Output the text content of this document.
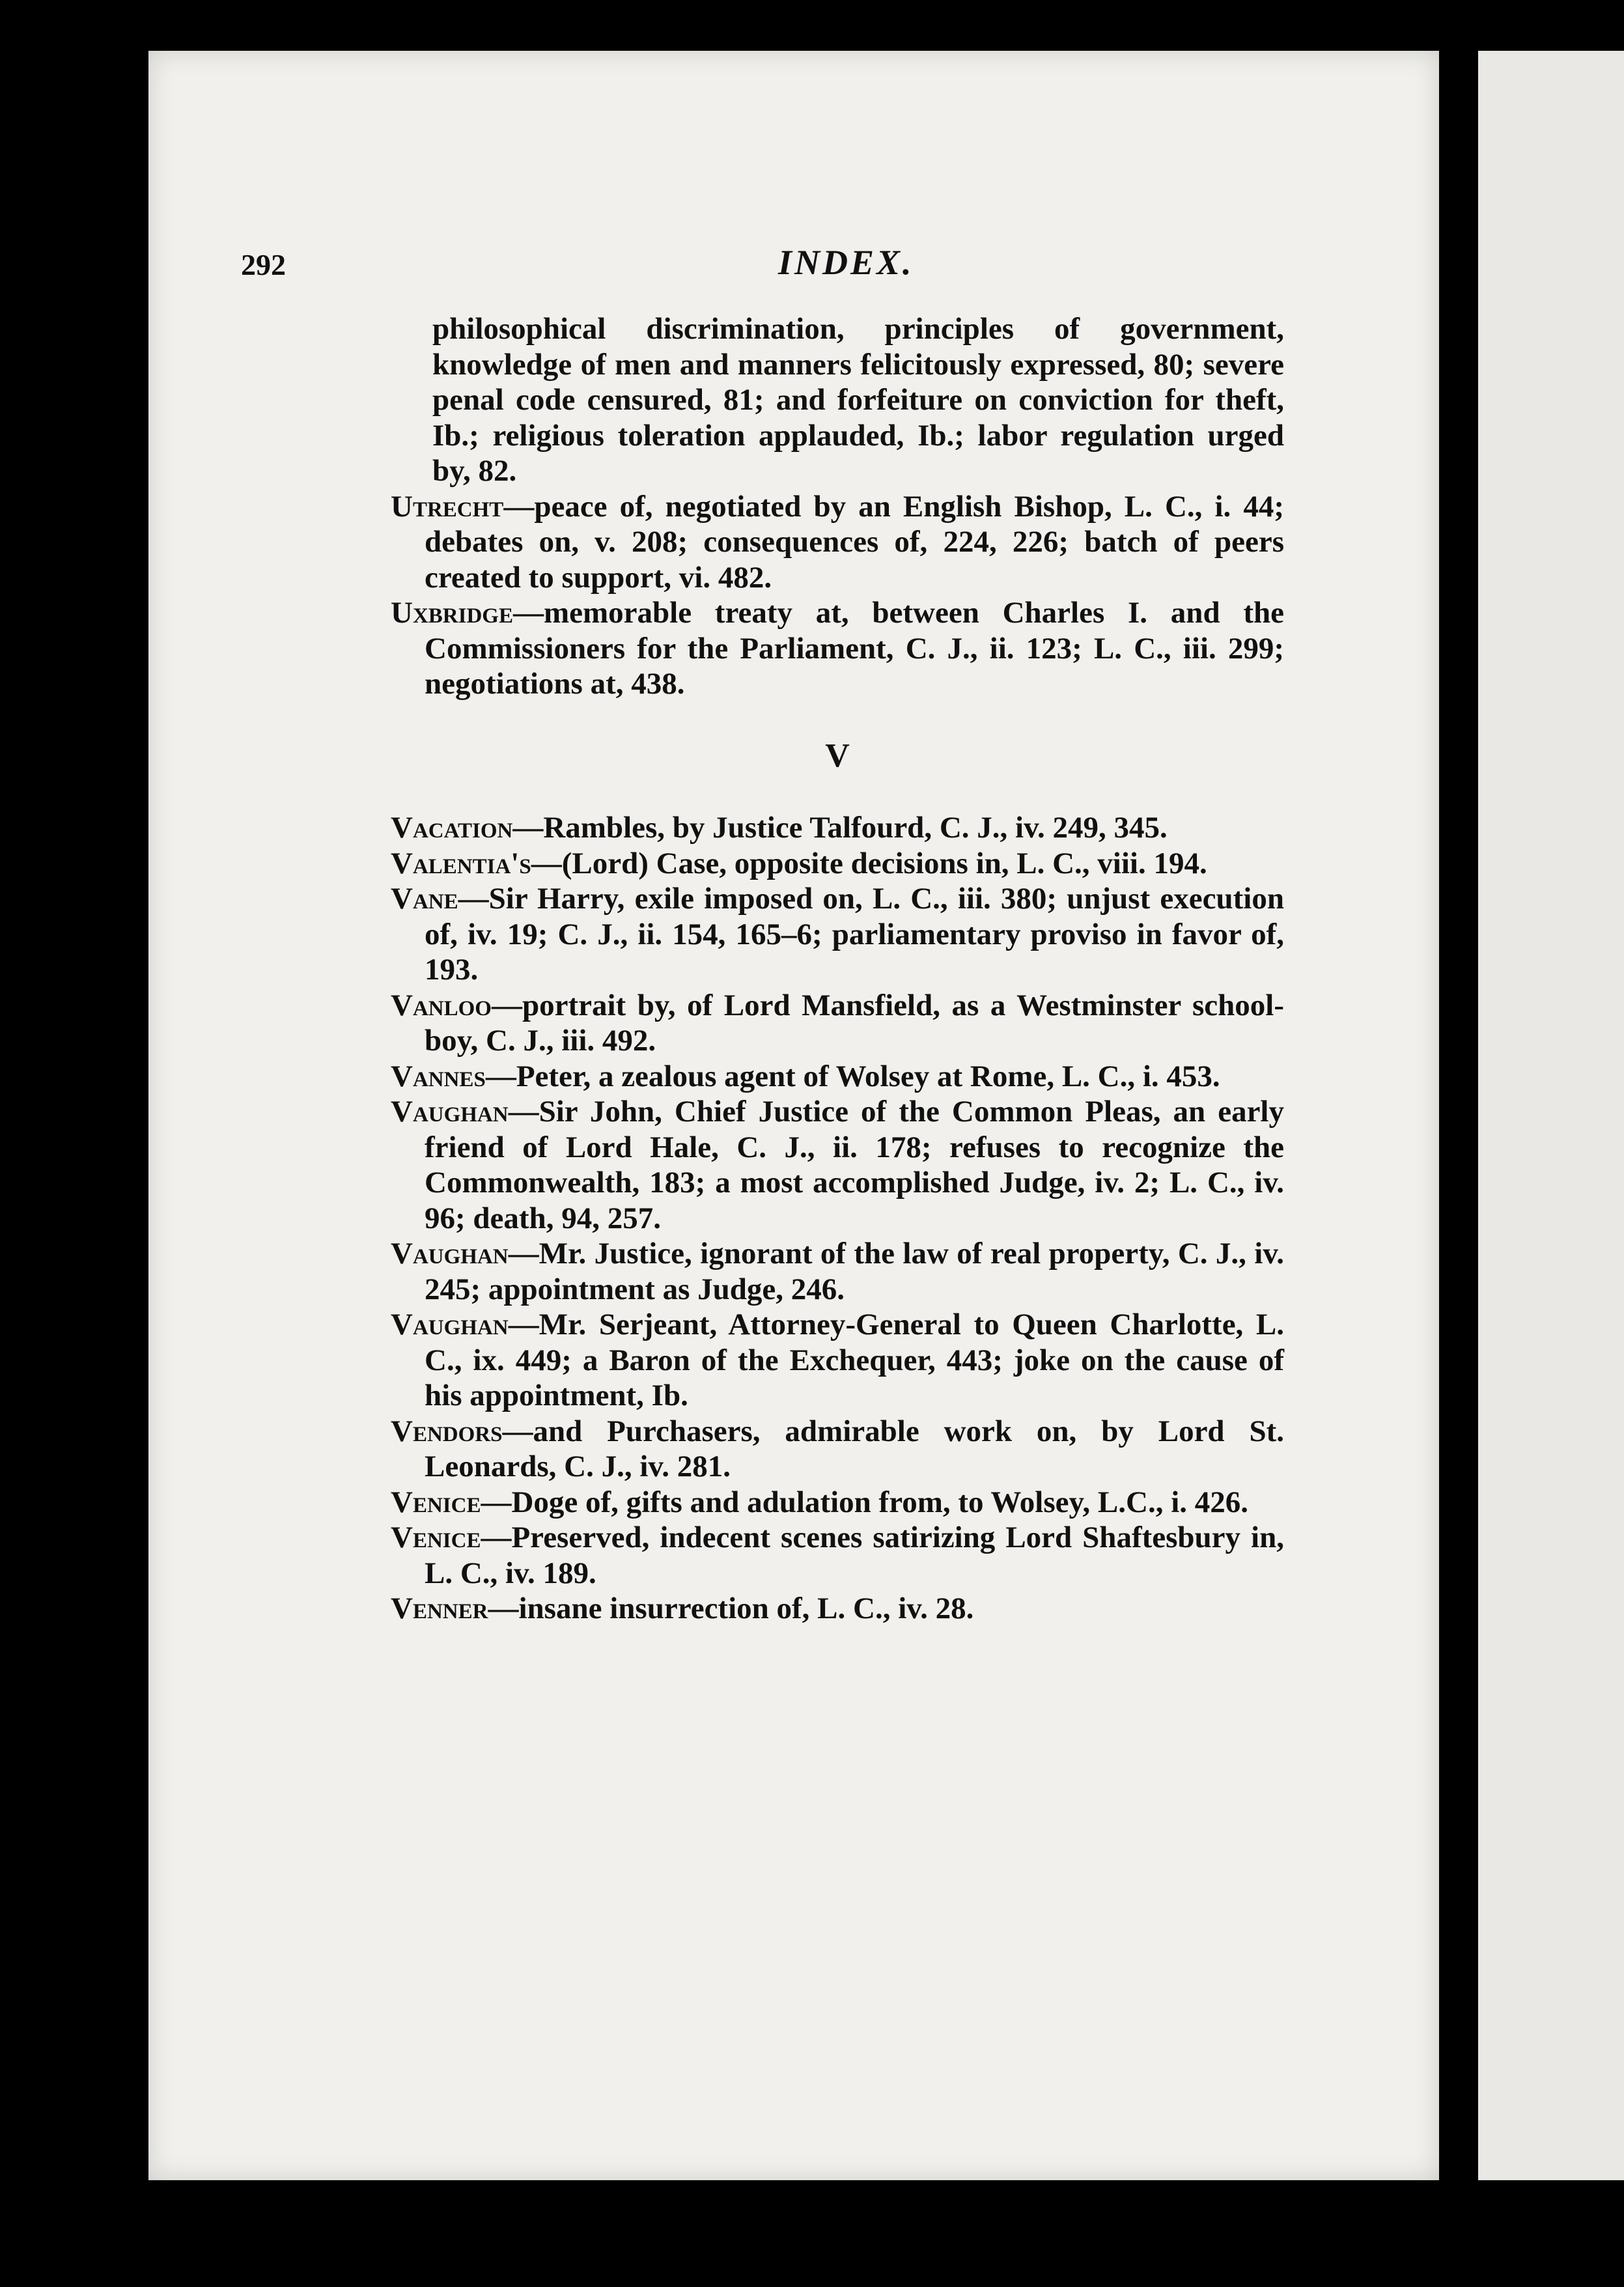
292	INDEX.

philosophical discrimination, principles of government, knowledge of men and manners felicitously expressed, 80; severe penal code censured, 81; and forfeiture on conviction for theft, Ib.; religious toleration applauded, Ib.; labor regulation urged by, 82.

Utrecht—peace of, negotiated by an English Bishop, L. C., i. 44; debates on, v. 208; consequences of, 224, 226; batch of peers created to support, vi. 482.

Uxbridge—memorable treaty at, between Charles I. and the Commissioners for the Parliament, C. J., ii. 123; L. C., iii. 299; negotiations at, 438.

V

Vacation—Rambles, by Justice Talfourd, C. J., iv. 249, 345.

Valentia's—(Lord) Case, opposite decisions in, L. C., viii. 194.

Vane—Sir Harry, exile imposed on, L. C., iii. 380; unjust execution of, iv. 19; C. J., ii. 154, 165–6; parliamentary proviso in favor of, 193.

Vanloo—portrait by, of Lord Mansfield, as a Westminster school-boy, C. J., iii. 492.

Vannes—Peter, a zealous agent of Wolsey at Rome, L. C., i. 453.

Vaughan—Sir John, Chief Justice of the Common Pleas, an early friend of Lord Hale, C. J., ii. 178; refuses to recognize the Commonwealth, 183; a most accomplished Judge, iv. 2; L. C., iv. 96; death, 94, 257.

Vaughan—Mr. Justice, ignorant of the law of real property, C. J., iv. 245; appointment as Judge, 246.

Vaughan—Mr. Serjeant, Attorney-General to Queen Charlotte, L. C., ix. 449; a Baron of the Exchequer, 443; joke on the cause of his appointment, Ib.

Vendors—and Purchasers, admirable work on, by Lord St. Leonards, C. J., iv. 281.

Venice—Doge of, gifts and adulation from, to Wolsey, L.C., i. 426.

Venice—Preserved, indecent scenes satirizing Lord Shaftesbury in, L. C., iv. 189.

Venner—insane insurrection of, L. C., iv. 28.
